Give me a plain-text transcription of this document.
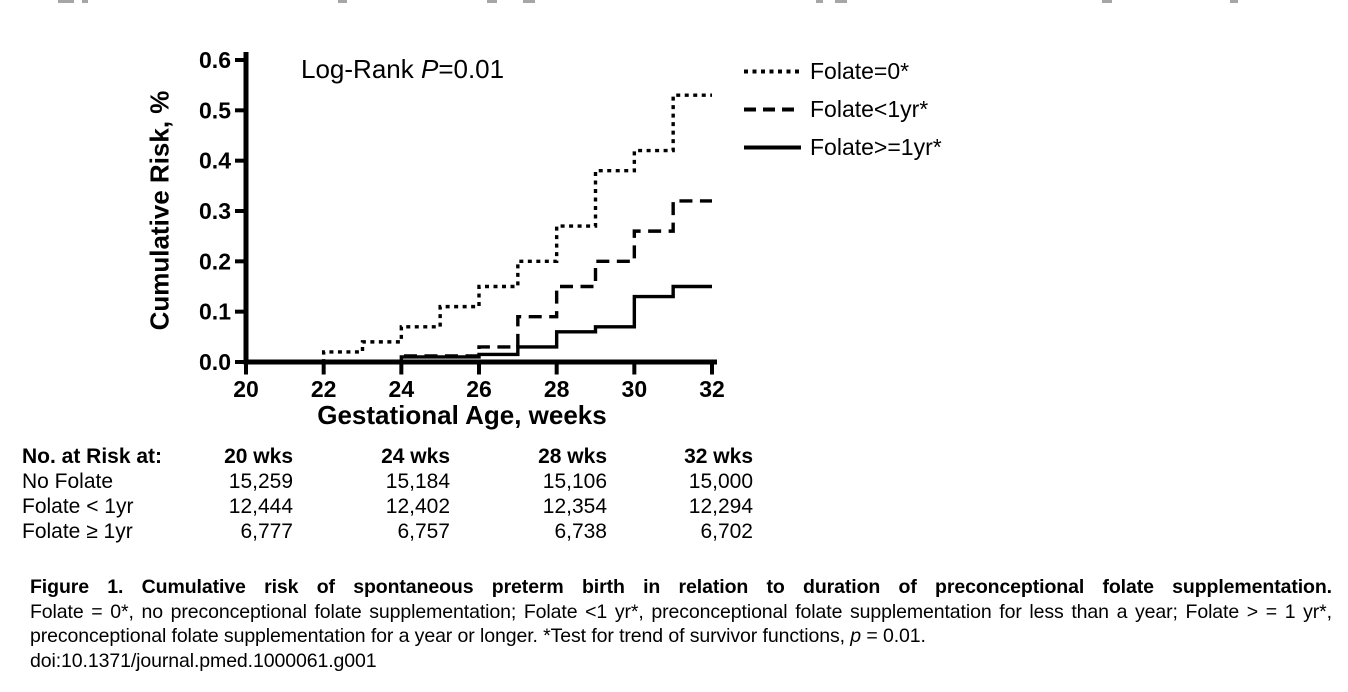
0.0
0.1
0.2
0.3
0.4
0.5
0.6
20 22 24 26 28 30 32
Cumulative Risk, %
Log-Rank P=0.01	Folate=0*
Folate<1yr*
Folate>=1yr*
Gestational Age, weeks
No. at Risk at:	20 wks	24 wks	28 wks	32 wks
No Folate	15,259	15,184	15,106	15,000
Folate < 1yr	12,444	12,402	12,354	12,294
Folate ≥ 1yr	6,777	6,757	6,738	6,702
Figure 1. Cumulative risk of spontaneous preterm birth in relation to duration of preconceptional folate supplementation.
Folate = 0*, no preconceptional folate supplementation; Folate <1 yr*, preconceptional folate supplementation for less than a year; Folate > = 1 yr*, preconceptional folate supplementation for a year or longer. *Test for trend of survivor functions, p = 0.01.
doi:10.1371/journal.pmed.1000061.g001
